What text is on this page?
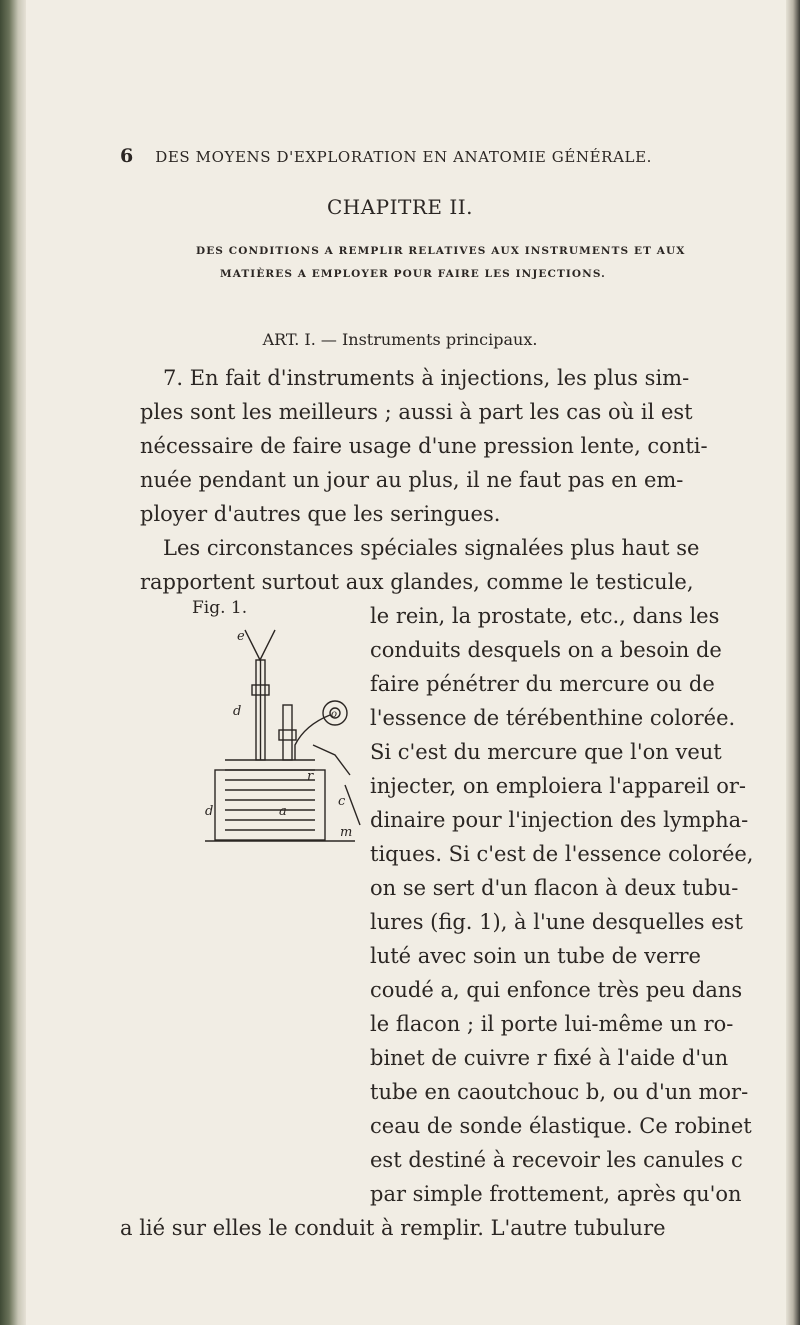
6 DES MOYENS D'EXPLORATION EN ANATOMIE GÉNÉRALE.
CHAPITRE II.
DES CONDITIONS A REMPLIR RELATIVES AUX INSTRUMENTS ET AUX
MATIÈRES A EMPLOYER POUR FAIRE LES INJECTIONS.
ART. I. — Instruments principaux.
7. En fait d'instruments à injections, les plus sim-
ples sont les meilleurs ; aussi à part les cas où il est
nécessaire de faire usage d'une pression lente, conti-
nuée pendant un jour au plus, il ne faut pas en em-
ployer d'autres que les seringues.
Les circonstances spéciales signalées plus haut se
rapportent surtout aux glandes, comme le testicule,
le rein, la prostate, etc., dans les
conduits desquels on a besoin de
faire pénétrer du mercure ou de
l'essence de térébenthine colorée.
Si c'est du mercure que l'on veut
injecter, on emploiera l'appareil or-
dinaire pour l'injection des lympha-
tiques. Si c'est de l'essence colorée,
on se sert d'un flacon à deux tubu-
lures (fig. 1), à l'une desquelles est
luté avec soin un tube de verre
coudé a, qui enfonce très peu dans
le flacon ; il porte lui-même un ro-
binet de cuivre r fixé à l'aide d'un
tube en caoutchouc b, ou d'un mor-
ceau de sonde élastique. Ce robinet
est destiné à recevoir les canules c
par simple frottement, après qu'on
a lié sur elles le conduit à remplir. L'autre tubulure
Fig. 1.
e
d
d	a
r
c
o
m
